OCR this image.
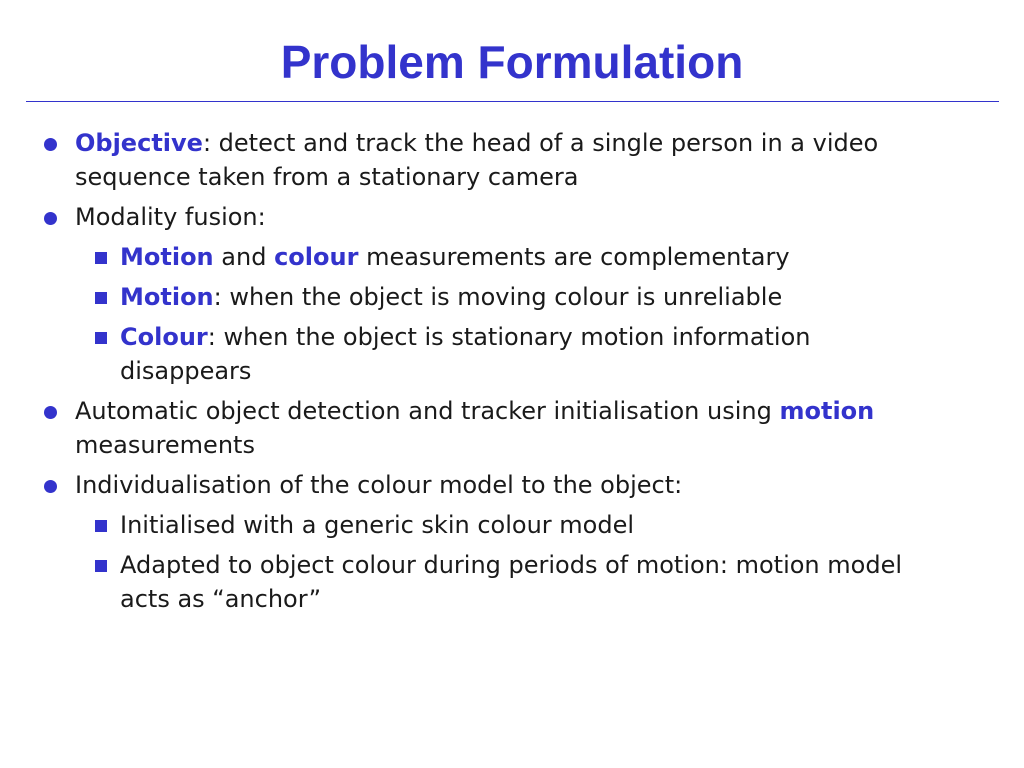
Problem Formulation
Objective: detect and track the head of a single person in a video sequence taken from a stationary camera
Modality fusion:
Motion and colour measurements are complementary
Motion: when the object is moving colour is unreliable
Colour: when the object is stationary motion information disappears
Automatic object detection and tracker initialisation using motion measurements
Individualisation of the colour model to the object:
Initialised with a generic skin colour model
Adapted to object colour during periods of motion: motion model acts as “anchor”
